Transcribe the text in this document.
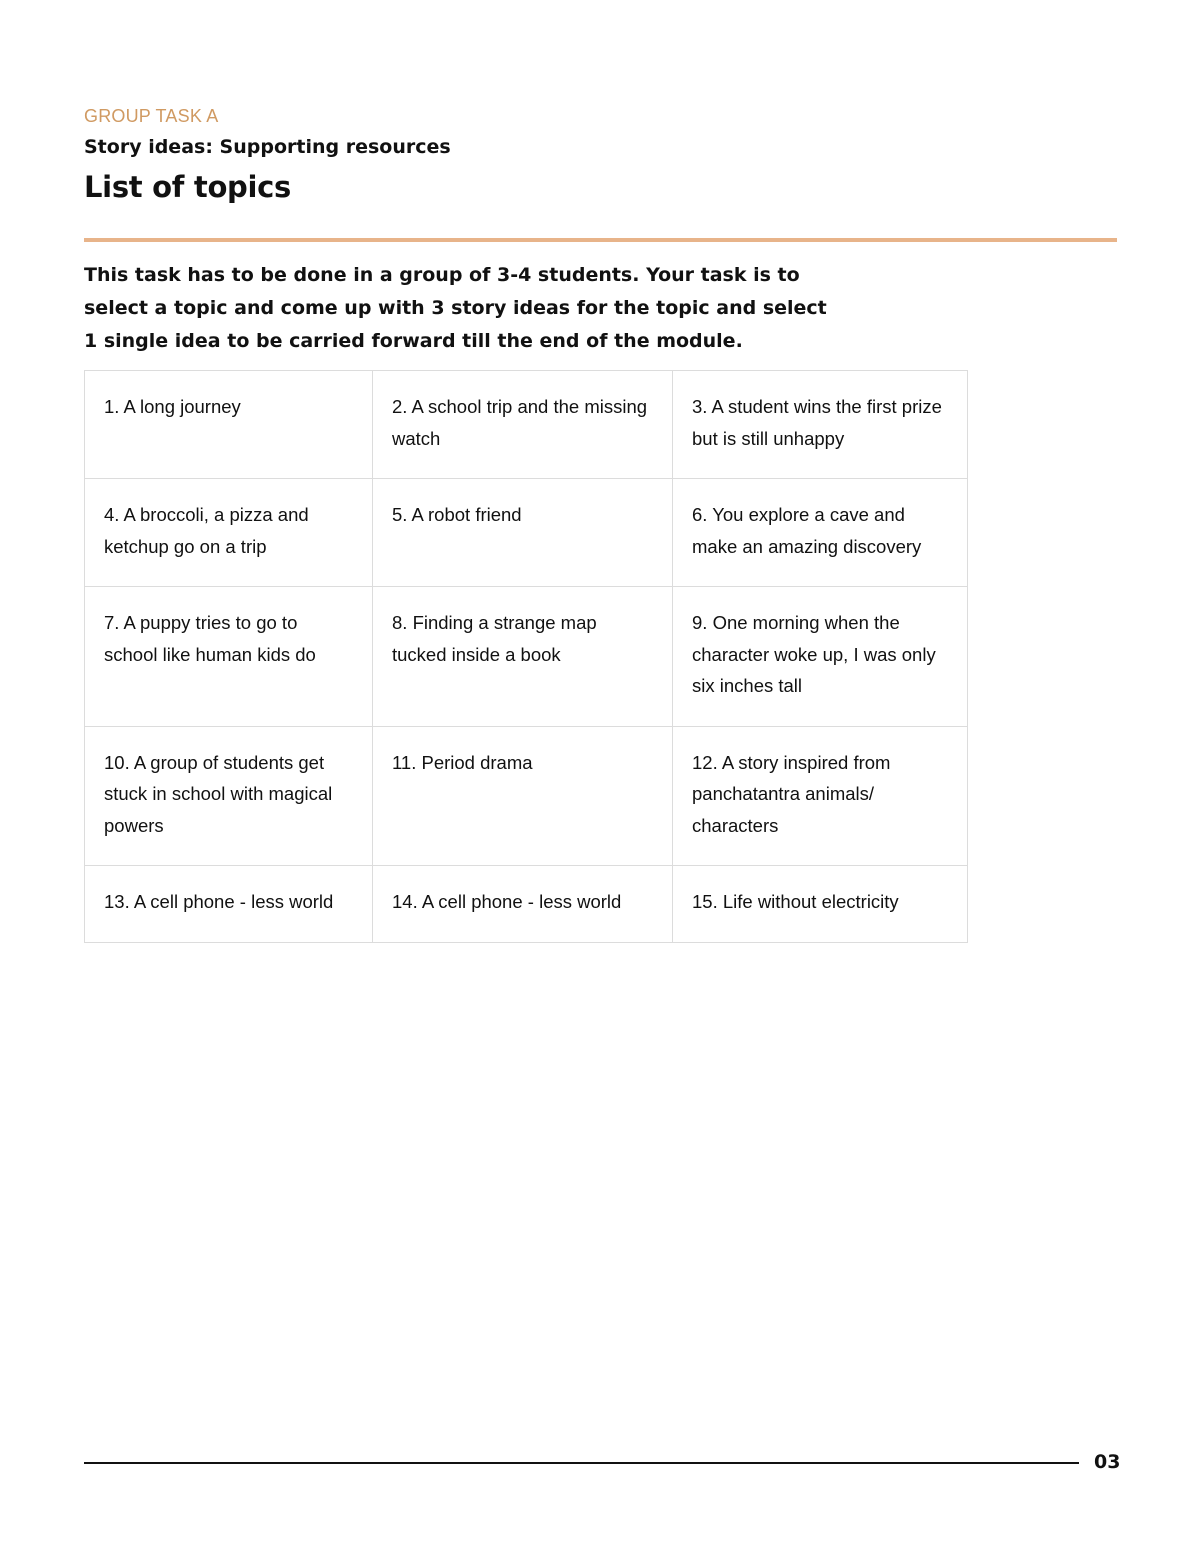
GROUP TASK A
Story ideas: Supporting resources
List of topics

This task has to be done in a group of 3-4 students. Your task is to select a topic and come up with 3 story ideas for the topic and select 1 single idea to be carried forward till the end of the module.

1. A long journey	2. A school trip and the missing watch	3. A student wins the first prize but is still unhappy
4. A broccoli, a pizza and ketchup go on a trip	5. A robot friend	6. You explore a cave and make an amazing discovery
7. A puppy tries to go to school like human kids do	8. Finding a strange map tucked inside a book	9. One morning when the character woke up, I was only six inches tall
10. A group of students get stuck in school with magical powers	11. Period drama	12. A story inspired from panchatantra animals/ characters
13. A cell phone - less world	14. A cell phone - less world	15. Life without electricity
03
